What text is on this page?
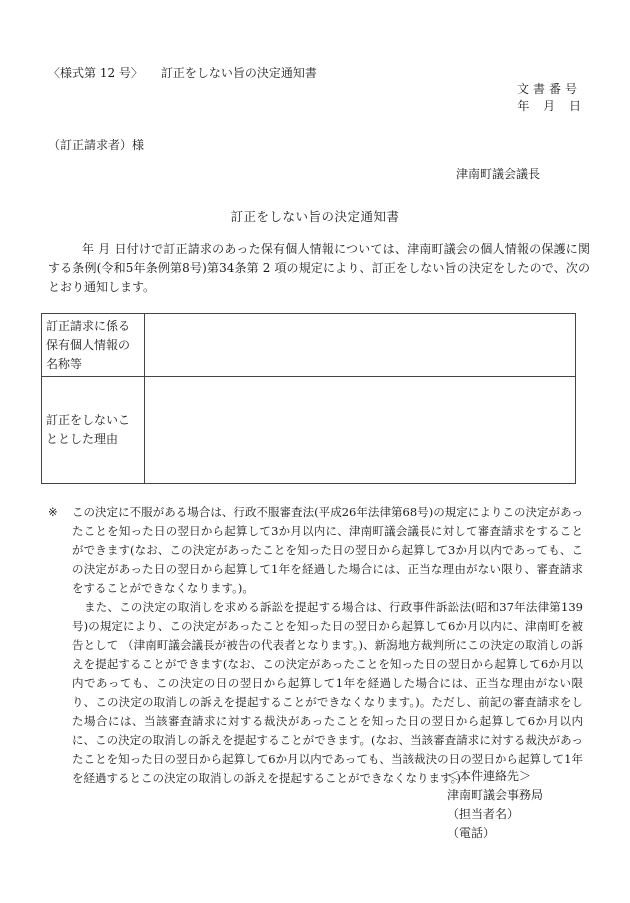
〈様式第 12 号〉　　訂正をしない旨の決定通知書
文書番号
年 月 日
（訂正請求者）様
津南町議会議長
訂正をしない旨の決定通知書

年 月 日付けで訂正請求のあった保有個人情報については、津南町議会の個人情報の保護に関する条例(令和5年条例第8号)第34条第 2 項の規定により、訂正をしない旨の決定をしたので、次のとおり通知します。

訂正請求に係る保有個人情報の名称等	
訂正をしないこととした理由	
※ この決定に不服がある場合は、行政不服審査法(平成26年法律第68号)の規定によりこの決定があったことを知った日の翌日から起算して3か月以内に、津南町議会議長に対して審査請求をすることができます(なお、この決定があったことを知った日の翌日から起算して3か月以内であっても、この決定があった日の翌日から起算して1年を経過した場合には、正当な理由がない限り、審査請求をすることができなくなります。)。

また、この決定の取消しを求める訴訟を提起する場合は、行政事件訴訟法(昭和37年法律第139号)の規定により、この決定があったことを知った日の翌日から起算して6か月以内に、津南町を被告として （津南町議会議長が被告の代表者となります。)、新潟地方裁判所にこの決定の取消しの訴えを提起することができます(なお、この決定があったことを知った日の翌日から起算して6か月以内であっても、この決定の日の翌日から起算して1年を経過した場合には、正当な理由がない限り、この決定の取消しの訴えを提起することができなくなります。)。ただし、前記の審査請求をした場合には、当該審査請求に対する裁決があったことを知った日の翌日から起算して6か月以内に、この決定の取消しの訴えを提起することができます。(なお、当該審査請求に対する裁決があったことを知った日の翌日から起算して6か月以内であっても、当該裁決の日の翌日から起算して1年を経過するとこの決定の取消しの訴えを提起することができなくなります。)

＜本件連絡先＞
津南町議会事務局
（担当者名）
（電話）
